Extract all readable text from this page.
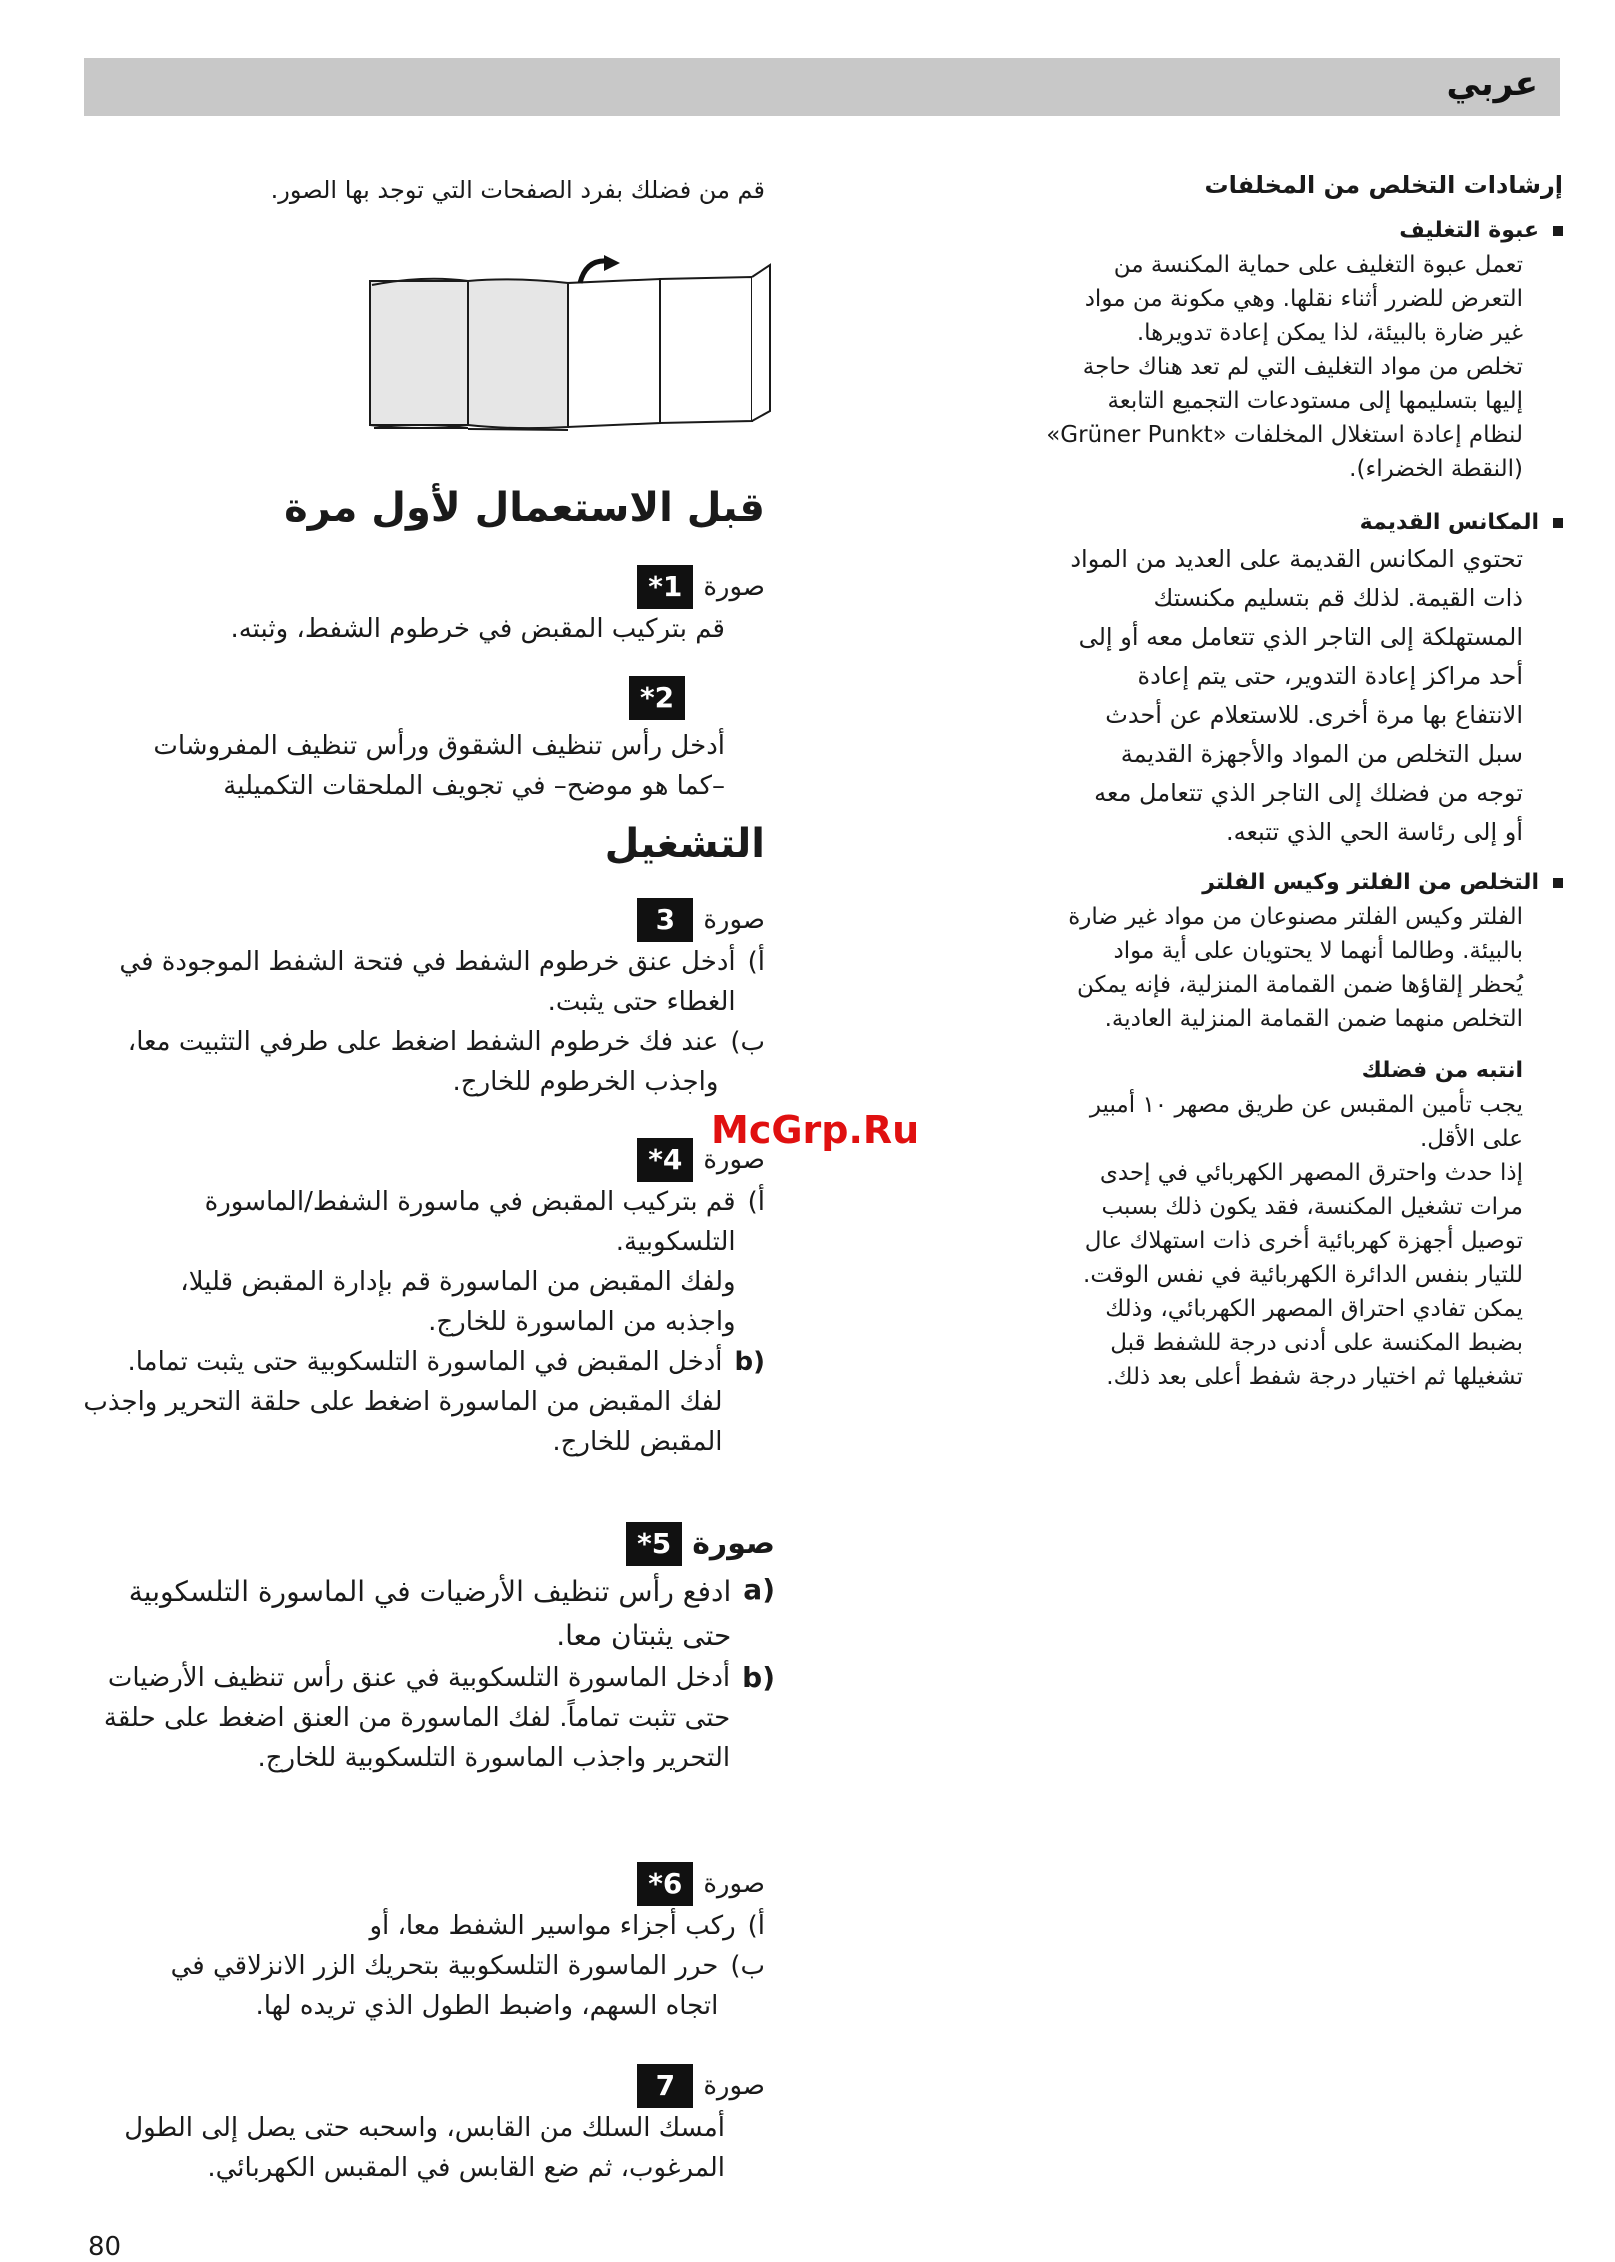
عربي
McGrp.Ru

قم من فضلك بفرد الصفحات التي توجد بها الصور.

قبل الاستعمال لأول مرة

صورة
*1

قم بتركيب المقبض في خرطوم الشفط، وثبته.

*2

أدخل رأس تنظيف الشقوق ورأس تنظيف المفروشات

–كما هو موضح– في تجويف الملحقات التكميلية

التشغيل

صورة
3
أ)

أدخل عنق خرطوم الشفط في فتحة الشفط الموجودة في

الغطاء حتى يثبت.

ب)

عند فك خرطوم الشفط اضغط على طرفي التثبيت معا،

واجذب الخرطوم للخارج.

صورة
*4
أ)

قم بتركيب المقبض في ماسورة الشفط/الماسورة

التلسكوبية.

ولفك المقبض من الماسورة قم بإدارة المقبض قليلا،

واجذبه من الماسورة للخارج.

b)

أدخل المقبض في الماسورة التلسكوبية حتى يثبت تماما.

لفك المقبض من الماسورة اضغط على حلقة التحرير واجذب

المقبض للخارج.

صورة
*5
a)

ادفع رأس تنظيف الأرضيات في الماسورة التلسكوبية

حتى يثبتان معا.

b)

أدخل الماسورة التلسكوبية في عنق رأس تنظيف الأرضيات

حتى تثبت تماماً. لفك الماسورة من العنق اضغط على حلقة

التحرير واجذب الماسورة التلسكوبية للخارج.

صورة
*6
أ)

ركب أجزاء مواسير الشفط معا، أو

ب)

حرر الماسورة التلسكوبية بتحريك الزر الانزلاقي في

اتجاه السهم، واضبط الطول الذي تريده لها.

صورة
7

أمسك السلك من القابس، واسحبه حتى يصل إلى الطول

المرغوب، ثم ضع القابس في المقبس الكهربائي.

إرشادات التخلص من المخلفات

عبوة التغليف

تعمل عبوة التغليف على حماية المكنسة من

التعرض للضرر أثناء نقلها. وهي مكونة من مواد

غير ضارة بالبيئة، لذا يمكن إعادة تدويرها.

تخلص من مواد التغليف التي لم تعد هناك حاجة

إليها بتسليمها إلى مستودعات التجميع التابعة

لنظام إعادة استغلال المخلفات «Grüner Punkt»

(النقطة الخضراء).

المكانس القديمة

تحتوي المكانس القديمة على العديد من المواد

ذات القيمة. لذلك قم بتسليم مكنستك

المستهلكة إلى التاجر الذي تتعامل معه أو إلى

أحد مراكز إعادة التدوير، حتى يتم إعادة

الانتفاع بها مرة أخرى. للاستعلام عن أحدث

سبل التخلص من المواد والأجهزة القديمة

توجه من فضلك إلى التاجر الذي تتعامل معه

أو إلى رئاسة الحي الذي تتبعه.

التخلص من الفلتر وكيس الفلتر

الفلتر وكيس الفلتر مصنوعان من مواد غير ضارة

بالبيئة. وطالما أنهما لا يحتويان على أية مواد

يُحظر إلقاؤها ضمن القمامة المنزلية، فإنه يمكن

التخلص منهما ضمن القمامة المنزلية العادية.

انتبه من فضلك

يجب تأمين المقبس عن طريق مصهر ١٠ أمبير

على الأقل.

إذا حدث واحترق المصهر الكهربائي في إحدى

مرات تشغيل المكنسة، فقد يكون ذلك بسبب

توصيل أجهزة كهربائية أخرى ذات استهلاك عال

للتيار بنفس الدائرة الكهربائية في نفس الوقت.

يمكن تفادي احتراق المصهر الكهربائي، وذلك

بضبط المكنسة على أدنى درجة للشفط قبل

تشغيلها ثم اختيار درجة شفط أعلى بعد ذلك.

80
